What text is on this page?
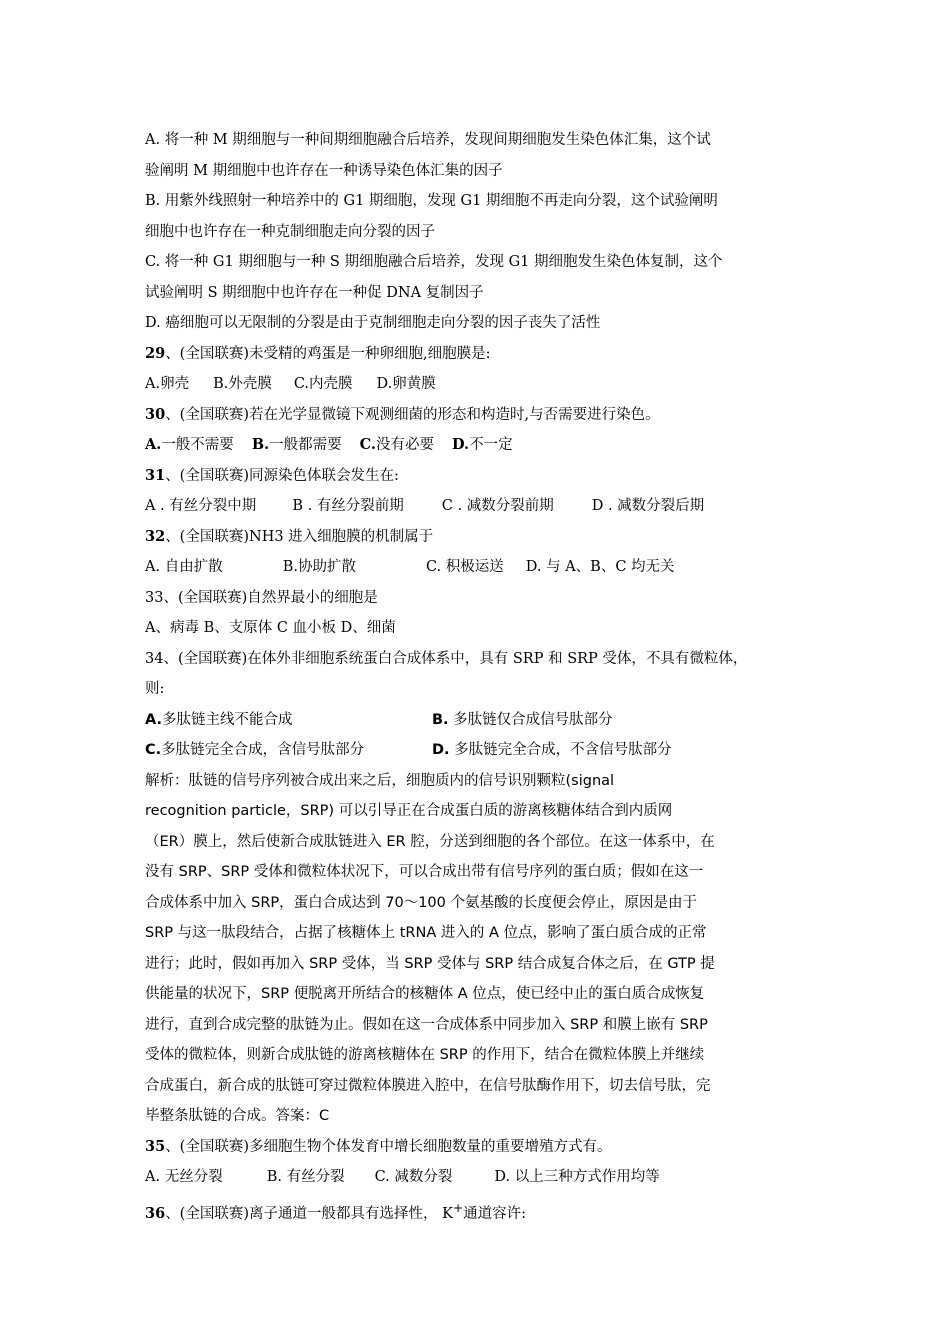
A. 将一种 M 期细胞与一种间期细胞融合后培养，发现间期细胞发生染色体汇集，这个试
验阐明 M 期细胞中也许存在一种诱导染色体汇集的因子
B. 用紫外线照射一种培养中的 G1 期细胞，发现 G1 期细胞不再走向分裂，这个试验阐明
细胞中也许存在一种克制细胞走向分裂的因子
C. 将一种 G1 期细胞与一种 S 期细胞融合后培养，发现 G1 期细胞发生染色体复制，这个
试验阐明 S 期细胞中也许存在一种促 DNA 复制因子
D. 癌细胞可以无限制的分裂是由于克制细胞走向分裂的因子丧失了活性
29、(全国联赛)未受精的鸡蛋是一种卵细胞,细胞膜是:
A.卵壳 B.外壳膜 C.内壳膜 D.卵黄膜
30、(全国联赛)若在光学显微镜下观测细菌的形态和构造时,与否需要进行染色。
A.一般不需要 B.一般都需要 C.没有必要 D.不一定
31、(全国联赛)同源染色体联会发生在:
A . 有丝分裂中期 B . 有丝分裂前期	C . 减数分裂前期	D . 减数分裂后期
32、(全国联赛)NH3 进入细胞膜的机制属于
A. 自由扩散	B.协助扩散	C. 积极运送 D. 与 A、B、C 均无关
33、(全国联赛)自然界最小的细胞是
A、病毒 B、支原体 C 血小板 D、细菌
34、(全国联赛)在体外非细胞系统蛋白合成体系中，具有 SRP 和 SRP 受体，不具有微粒体，
则:
A.多肽链主线不能合成	B. 多肽链仅合成信号肽部分
C.多肽链完全合成，含信号肽部分	D. 多肽链完全合成，不含信号肽部分
解析：肽链的信号序列被合成出来之后，细胞质内的信号识别颗粒(signal
recognition particle，SRP) 可以引导正在合成蛋白质的游离核糖体结合到内质网
（ER）膜上，然后使新合成肽链进入 ER 腔，分送到细胞的各个部位。在这一体系中，在
没有 SRP、SRP 受体和微粒体状况下，可以合成出带有信号序列的蛋白质；假如在这一
合成体系中加入 SRP，蛋白合成达到 70～100 个氨基酸的长度便会停止，原因是由于
SRP 与这一肽段结合，占据了核糖体上 tRNA 进入的 A 位点，影响了蛋白质合成的正常
进行；此时，假如再加入 SRP 受体，当 SRP 受体与 SRP 结合成复合体之后，在 GTP 提
供能量的状况下，SRP 便脱离开所结合的核糖体 A 位点，使已经中止的蛋白质合成恢复
进行，直到合成完整的肽链为止。假如在这一合成体系中同步加入 SRP 和膜上嵌有 SRP
受体的微粒体，则新合成肽链的游离核糖体在 SRP 的作用下，结合在微粒体膜上并继续
合成蛋白，新合成的肽链可穿过微粒体膜进入腔中，在信号肽酶作用下，切去信号肽，完
毕整条肽链的合成。答案：C
35、(全国联赛)多细胞生物个体发育中增长细胞数量的重要增殖方式有。
A. 无丝分裂	B. 有丝分裂 C. 减数分裂	D. 以上三种方式作用均等
36、(全国联赛)离子通道一般都具有选择性， K+通道容许:
